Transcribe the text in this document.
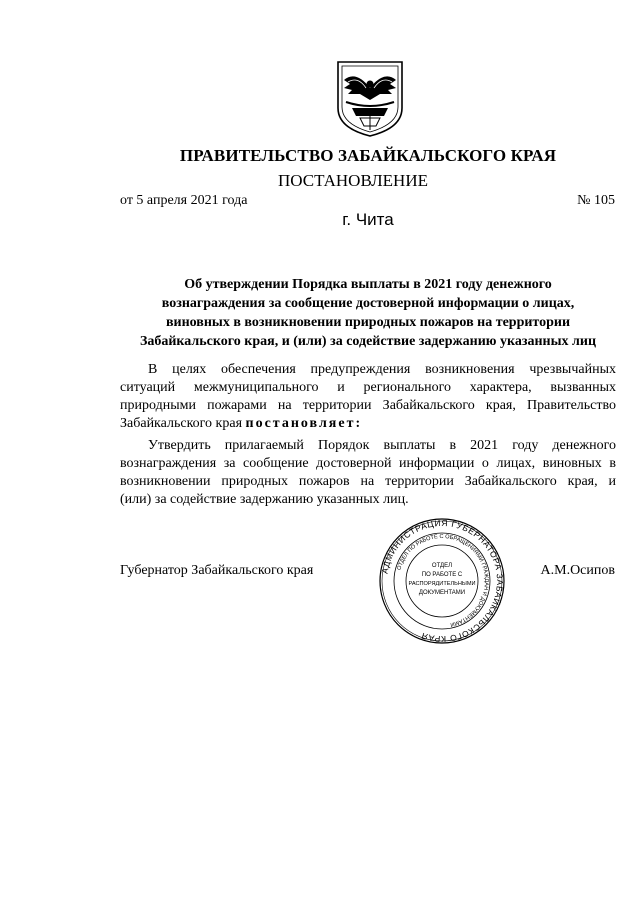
ПРАВИТЕЛЬСТВО ЗАБАЙКАЛЬСКОГО КРАЯ
ПОСТАНОВЛЕНИЕ
от 5 апреля 2021 года	№ 105
г. Чита
Об утверждении Порядка выплаты в 2021 году денежного
вознаграждения за сообщение достоверной информации о лицах,
виновных в возникновении природных пожаров на территории
Забайкальского края, и (или) за содействие задержанию указанных лиц
В целях обеспечения предупреждения возникновения чрезвычайных
ситуаций межмуниципального и регионального характера, вызванных
природными пожарами на территории Забайкальского края, Правительство
Забайкальского края постановляет:
Утвердить прилагаемый Порядок выплаты в 2021 году денежного
вознаграждения за сообщение достоверной информации о лицах, виновных в
возникновении природных пожаров на территории Забайкальского края, и
(или) за содействие задержанию указанных лиц.
Губернатор Забайкальского края	А.М.Осипов
АДМИНИСТРАЦИЯ ГУБЕРНАТОРА ЗАБАЙКАЛЬСКОГО КРАЯ
ОТДЕЛ ПО РАБОТЕ С ОБРАЩЕНИЯМИ ГРАЖДАН И ДОКУМЕНТАМИ
ОТДЕЛ
ПО РАБОТЕ С
РАСПОРЯДИТЕЛЬНЫМИ
ДОКУМЕНТАМИ
